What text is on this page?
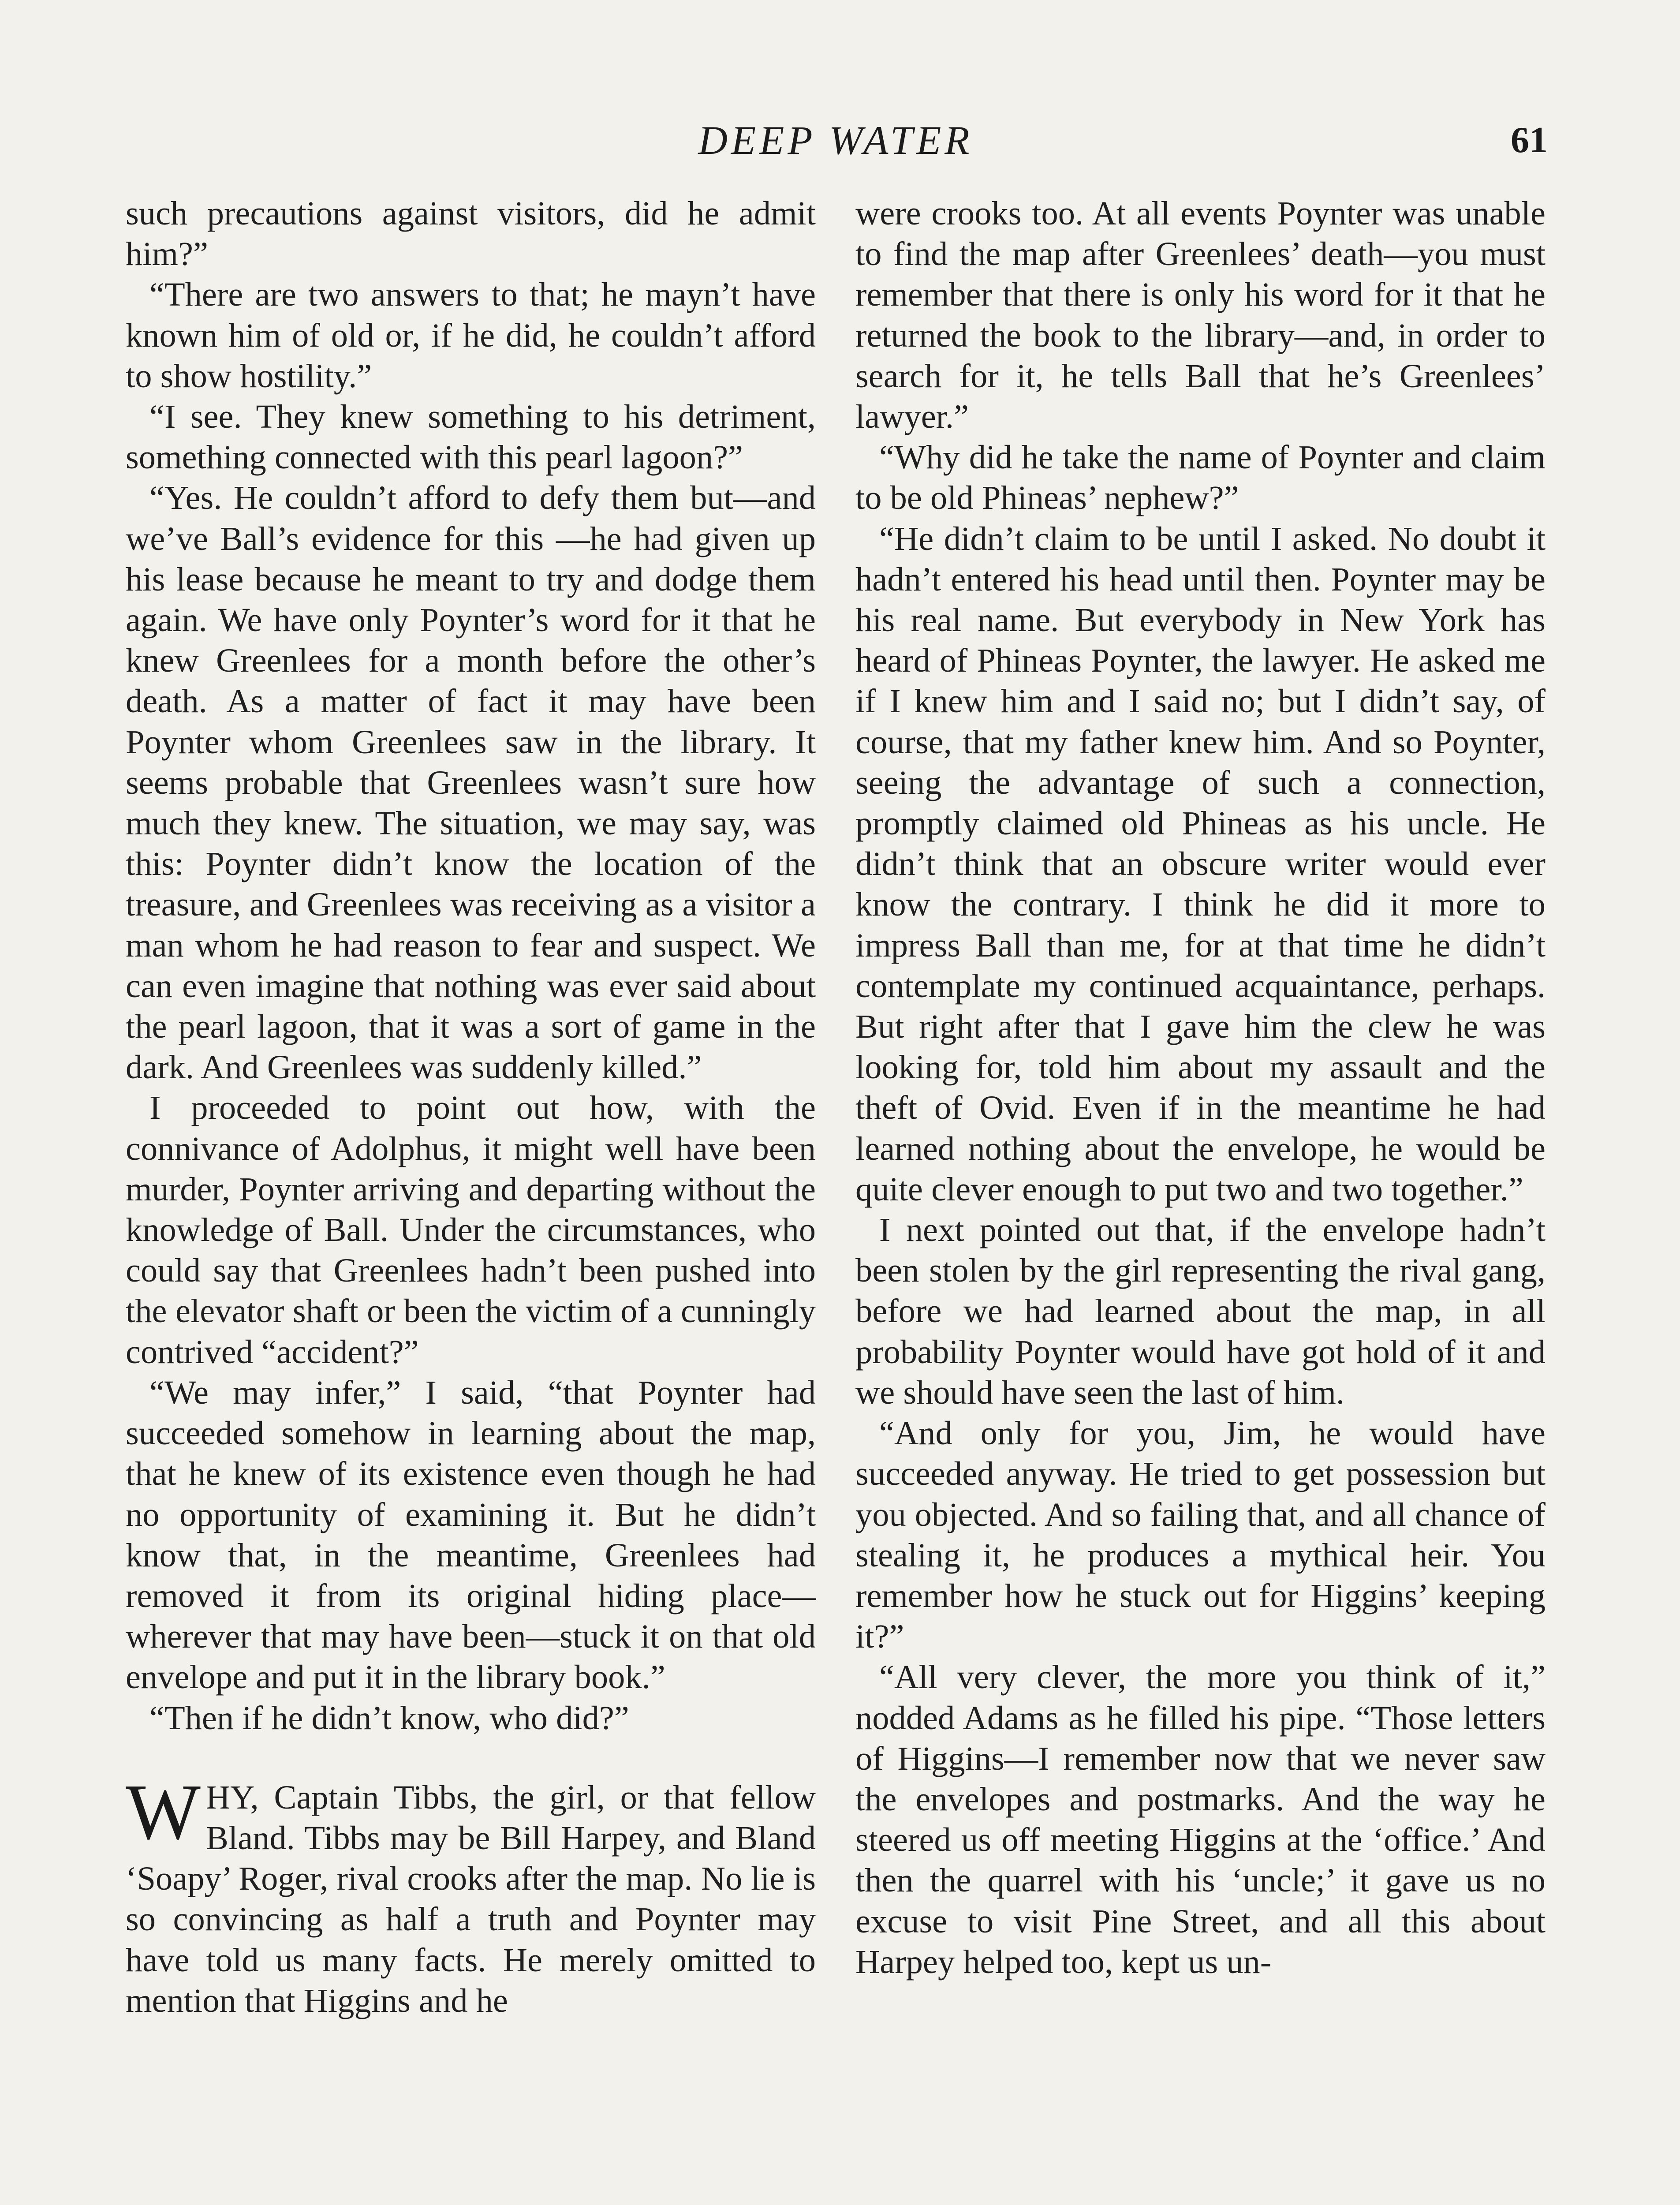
DEEP WATER	61

such precautions against visitors, did he admit him?”

“There are two answers to that; he mayn’t have known him of old or, if he did, he couldn’t afford to show hostility.”

“I see. They knew something to his detriment, something connected with this pearl lagoon?”

“Yes. He couldn’t afford to defy them but—and we’ve Ball’s evidence for this —he had given up his lease because he meant to try and dodge them again. We have only Poynter’s word for it that he knew Greenlees for a month before the other’s death. As a matter of fact it may have been Poynter whom Greenlees saw in the library. It seems probable that Greenlees wasn’t sure how much they knew. The situation, we may say, was this: Poynter didn’t know the location of the treasure, and Greenlees was receiving as a visitor a man whom he had reason to fear and suspect. We can even imagine that nothing was ever said about the pearl lagoon, that it was a sort of game in the dark. And Greenlees was suddenly killed.”

I proceeded to point out how, with the connivance of Adolphus, it might well have been murder, Poynter arriving and departing without the knowledge of Ball. Under the circumstances, who could say that Greenlees hadn’t been pushed into the elevator shaft or been the victim of a cunningly contrived “accident?”

“We may infer,” I said, “that Poynter had succeeded somehow in learning about the map, that he knew of its existence even though he had no opportunity of examining it. But he didn’t know that, in the meantime, Greenlees had removed it from its original hiding place—wherever that may have been—stuck it on that old envelope and put it in the library book.”

“Then if he didn’t know, who did?”

WHY, Captain Tibbs, the girl, or that fellow Bland. Tibbs may be Bill Harpey, and Bland ‘Soapy’ Roger, rival crooks after the map. No lie is so convincing as half a truth and Poynter may have told us many facts. He merely omitted to mention that Higgins and he

were crooks too. At all events Poynter was unable to find the map after Greenlees’ death—you must remember that there is only his word for it that he returned the book to the library—and, in order to search for it, he tells Ball that he’s Greenlees’ lawyer.”

“Why did he take the name of Poynter and claim to be old Phineas’ nephew?”

“He didn’t claim to be until I asked. No doubt it hadn’t entered his head until then. Poynter may be his real name. But everybody in New York has heard of Phineas Poynter, the lawyer. He asked me if I knew him and I said no; but I didn’t say, of course, that my father knew him. And so Poynter, seeing the advantage of such a connection, promptly claimed old Phineas as his uncle. He didn’t think that an obscure writer would ever know the contrary. I think he did it more to impress Ball than me, for at that time he didn’t contemplate my continued acquaintance, perhaps. But right after that I gave him the clew he was looking for, told him about my assault and the theft of Ovid. Even if in the meantime he had learned nothing about the envelope, he would be quite clever enough to put two and two together.”

I next pointed out that, if the envelope hadn’t been stolen by the girl representing the rival gang, before we had learned about the map, in all probability Poynter would have got hold of it and we should have seen the last of him.

“And only for you, Jim, he would have succeeded anyway. He tried to get possession but you objected. And so failing that, and all chance of stealing it, he produces a mythical heir. You remember how he stuck out for Higgins’ keeping it?”

“All very clever, the more you think of it,” nodded Adams as he filled his pipe. “Those letters of Higgins—I remember now that we never saw the envelopes and postmarks. And the way he steered us off meeting Higgins at the ‘office.’ And then the quarrel with his ‘uncle;’ it gave us no excuse to visit Pine Street, and all this about Harpey helped too, kept us un-
